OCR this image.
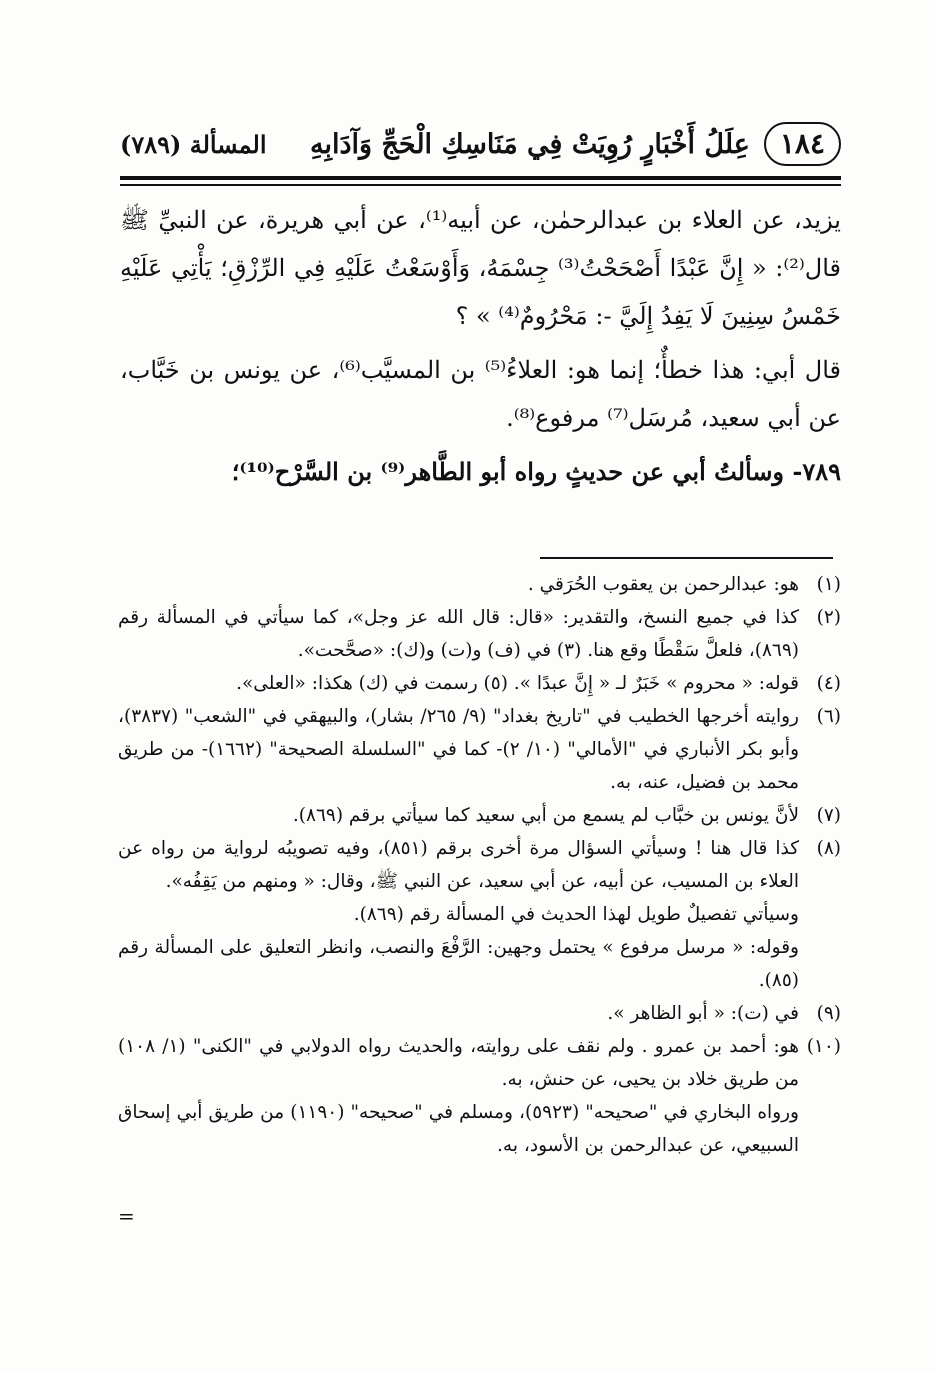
١٨٤
عِلَلُ أَخْبَارٍ رُوِيَتْ فِي مَنَاسِكِ الْحَجِّ وَآدَابِهِ
المسألة (٧٨٩)

يزيد، عن العلاء بن عبدالرحمٰن، عن أبيه⁽¹⁾، عن أبي هريرة، عن النبيِّ ﷺ قال⁽²⁾: « إِنَّ عَبْدًا أَصْحَحْتُ⁽³⁾ جِسْمَهُ، وَأَوْسَعْتُ عَلَيْهِ فِي الرِّزْقِ؛ يَأْتِي عَلَيْهِ خَمْسُ سِنِينَ لَا يَفِدُ إِلَيَّ -: مَحْرُومٌ⁽⁴⁾ » ؟

قال أبي: هذا خطأٌ؛ إنما هو: العلاءُ⁽⁵⁾ بن المسيَّب⁽⁶⁾، عن يونس بن خَبَّاب، عن أبي سعيد، مُرسَل⁽⁷⁾ مرفوع⁽⁸⁾.

٧٨٩- وسألتُ أبي عن حديثٍ رواه أبو الطَّاهر⁽⁹⁾ بن السَّرْح⁽¹⁰⁾؛

(١)
هو: عبدالرحمن بن يعقوب الحُرَقي .
(٢)
كذا في جميع النسخ، والتقدير: «قال: قال الله عز وجل»، كما سيأتي في المسألة رقم (٨٦٩)، فلعلَّ سَقْطًا وقع هنا. (٣) في (ف) و(ت) و(ك): «صحَّحت».
(٤)
قوله: « محروم » خَبَرٌ لـ « إِنَّ عبدًا ». (٥) رسمت في (ك) هكذا: «العلى».
(٦)
روايته أخرجها الخطيب في "تاريخ بغداد" (٩/ ٢٦٥/ بشار)، والبيهقي في "الشعب" (٣٨٣٧)، وأبو بكر الأنباري في "الأمالي" (١٠/ ٢)- كما في "السلسلة الصحيحة" (١٦٦٢)- من طريق محمد بن فضيل، عنه، به.
(٧)
لأنَّ يونس بن خبَّاب لم يسمع من أبي سعيد كما سيأتي برقم (٨٦٩).
(٨)
كذا قال هنا ! وسيأتي السؤال مرة أخرى برقم (٨٥١)، وفيه تصويبُه لرواية من رواه عن العلاء بن المسيب، عن أبيه، عن أبي سعيد، عن النبي ﷺ، وقال: « ومنهم من يَقِفُه».
وسيأتي تفصيلٌ طويل لهذا الحديث في المسألة رقم (٨٦٩).
وقوله: « مرسل مرفوع » يحتمل وجهين: الرَّفْعَ والنصب، وانظر التعليق على المسألة رقم (٨٥).
(٩)
في (ت): « أبو الظاهر ».
(١٠)
هو: أحمد بن عمرو . ولم نقف على روايته، والحديث رواه الدولابي في "الكنى" (١/ ١٠٨) من طريق خلاد بن يحيى، عن حنش، به.
ورواه البخاري في "صحيحه" (٥٩٢٣)، ومسلم في "صحيحه" (١١٩٠) من طريق أبي إسحاق السبيعي، عن عبدالرحمن بن الأسود، به.
=
